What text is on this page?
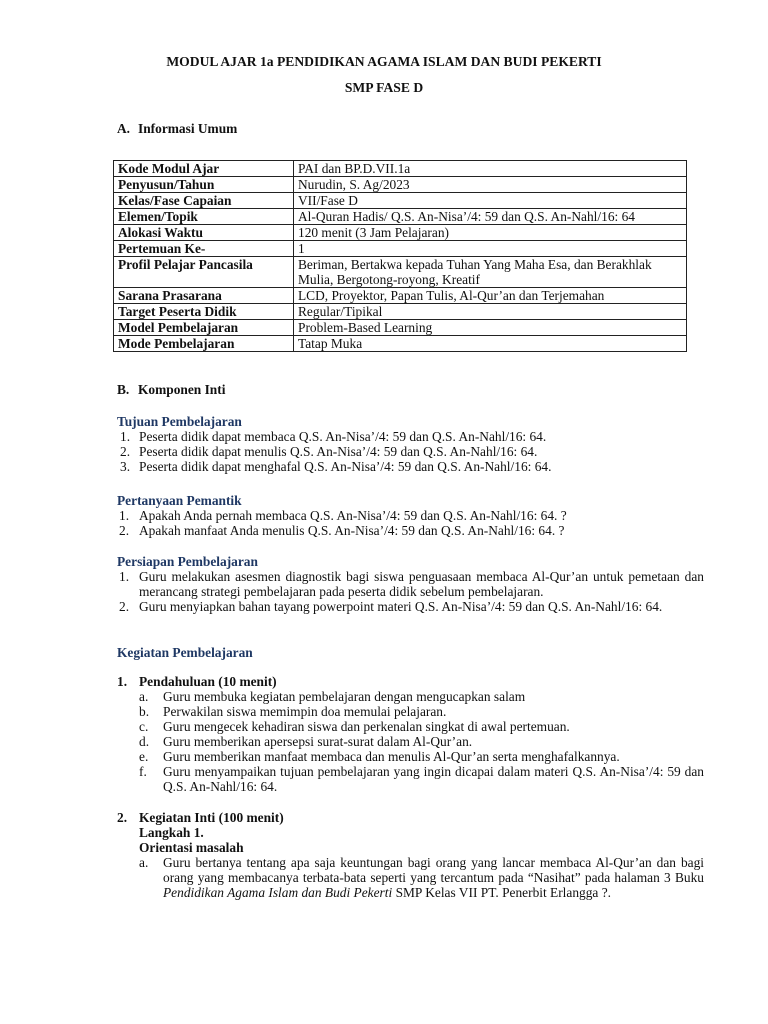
MODUL AJAR 1a PENDIDIKAN AGAMA ISLAM DAN BUDI PEKERTI
SMP FASE D
A. Informasi Umum
Kode Modul Ajar	PAI dan BP.D.VII.1a
Penyusun/Tahun	Nurudin, S. Ag/2023
Kelas/Fase Capaian	VII/Fase D
Elemen/Topik	Al-Quran Hadis/ Q.S. An-Nisa’/4: 59 dan Q.S. An-Nahl/16: 64
Alokasi Waktu	120 menit (3 Jam Pelajaran)
Pertemuan Ke-	1
Profil Pelajar Pancasila	Beriman, Bertakwa kepada Tuhan Yang Maha Esa, dan Berakhlak Mulia, Bergotong-royong, Kreatif
Sarana Prasarana	LCD, Proyektor, Papan Tulis, Al-Qur’an dan Terjemahan
Target Peserta Didik	Regular/Tipikal
Model Pembelajaran	Problem-Based Learning
Mode Pembelajaran	Tatap Muka
B. Komponen Inti
Tujuan Pembelajaran
1. Peserta didik dapat membaca Q.S. An-Nisa’/4: 59 dan Q.S. An-Nahl/16: 64.
2. Peserta didik dapat menulis Q.S. An-Nisa’/4: 59 dan Q.S. An-Nahl/16: 64.
3. Peserta didik dapat menghafal Q.S. An-Nisa’/4: 59 dan Q.S. An-Nahl/16: 64.
Pertanyaan Pemantik
1. Apakah Anda pernah membaca Q.S. An-Nisa’/4: 59 dan Q.S. An-Nahl/16: 64. ?
2. Apakah manfaat Anda menulis Q.S. An-Nisa’/4: 59 dan Q.S. An-Nahl/16: 64. ?
Persiapan Pembelajaran
1. Guru melakukan asesmen diagnostik bagi siswa penguasaan membaca Al-Qur’an untuk pemetaan dan merancang strategi pembelajaran pada peserta didik sebelum pembelajaran.
2. Guru menyiapkan bahan tayang powerpoint materi Q.S. An-Nisa’/4: 59 dan Q.S. An-Nahl/16: 64.
Kegiatan Pembelajaran
1. Pendahuluan (10 menit)
a. Guru membuka kegiatan pembelajaran dengan mengucapkan salam
b. Perwakilan siswa memimpin doa memulai pelajaran.
c. Guru mengecek kehadiran siswa dan perkenalan singkat di awal pertemuan.
d. Guru memberikan apersepsi surat-surat dalam Al-Qur’an.
e. Guru memberikan manfaat membaca dan menulis Al-Qur’an serta menghafalkannya.
f. Guru menyampaikan tujuan pembelajaran yang ingin dicapai dalam materi Q.S. An-Nisa’/4: 59 dan Q.S. An-Nahl/16: 64.
2. Kegiatan Inti (100 menit)
Langkah 1.
Orientasi masalah
a. Guru bertanya tentang apa saja keuntungan bagi orang yang lancar membaca Al-Qur’an dan bagi orang yang membacanya terbata-bata seperti yang tercantum pada “Nasihat” pada halaman 3 Buku Pendidikan Agama Islam dan Budi Pekerti SMP Kelas VII PT. Penerbit Erlangga ?.
